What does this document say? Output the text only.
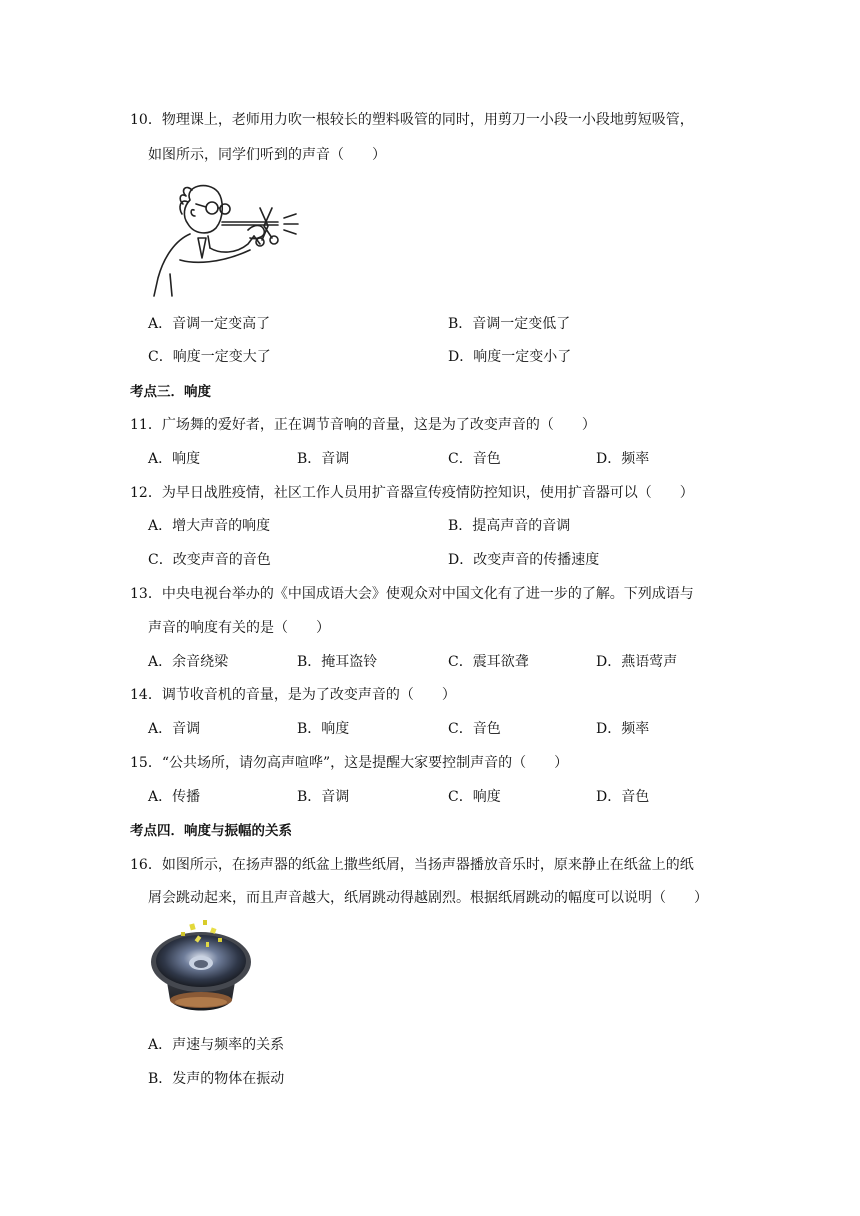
10．物理课上，老师用力吹一根较长的塑料吸管的同时，用剪刀一小段一小段地剪短吸管，
如图所示，同学们听到的声音（　　）
A．音调一定变高了	B．音调一定变低了
C．响度一定变大了	D．响度一定变小了
考点三．响度
11．广场舞的爱好者，正在调节音响的音量，这是为了改变声音的（　　）
A．响度	B．音调	C．音色	D．频率
12．为早日战胜疫情，社区工作人员用扩音器宣传疫情防控知识，使用扩音器可以（　　）
A．增大声音的响度	B．提高声音的音调
C．改变声音的音色	D．改变声音的传播速度
13．中央电视台举办的《中国成语大会》使观众对中国文化有了进一步的了解。下列成语与
声音的响度有关的是（　　）
A．余音绕梁	B．掩耳盗铃	C．震耳欲聋	D．燕语莺声
14．调节收音机的音量，是为了改变声音的（　　）
A．音调	B．响度	C．音色	D．频率
15．“公共场所，请勿高声喧哗”，这是提醒大家要控制声音的（　　）
A．传播	B．音调	C．响度	D．音色
考点四．响度与振幅的关系
16．如图所示，在扬声器的纸盆上撒些纸屑，当扬声器播放音乐时，原来静止在纸盆上的纸
屑会跳动起来，而且声音越大，纸屑跳动得越剧烈。根据纸屑跳动的幅度可以说明（　　）
A．声速与频率的关系
B．发声的物体在振动
